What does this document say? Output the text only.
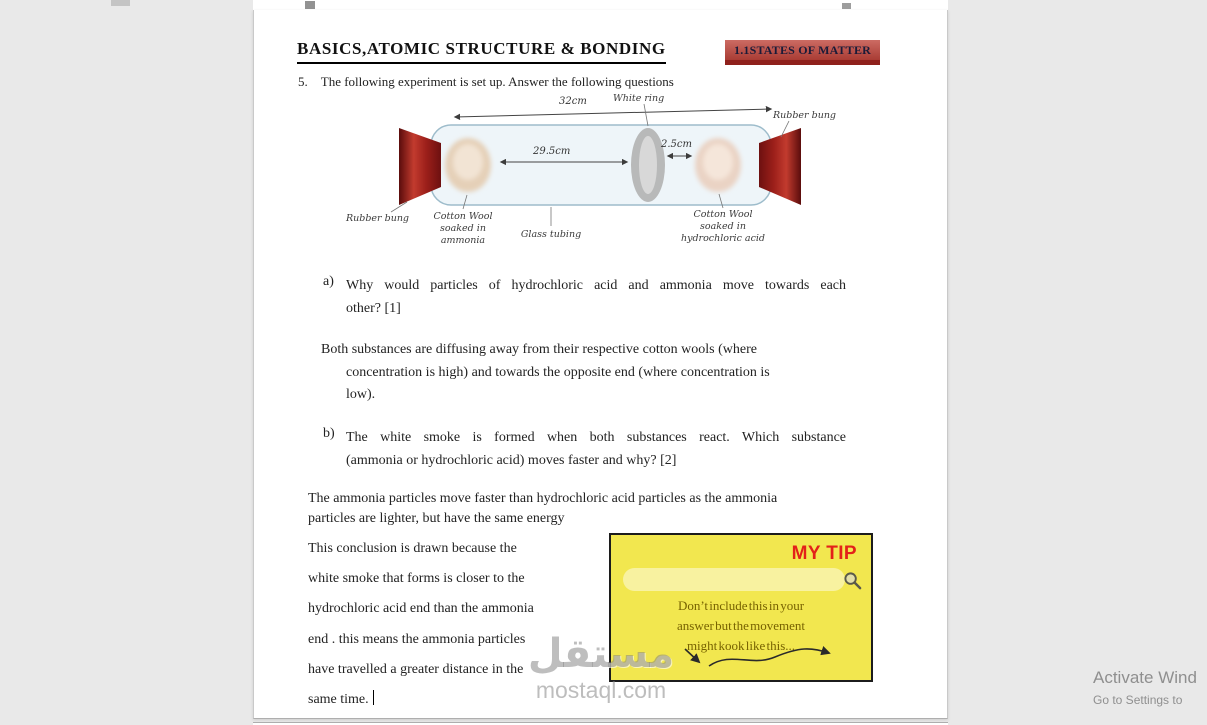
BASICS,ATOMIC STRUCTURE & BONDING	1.1STATES OF MATTER
5. The following experiment is set up. Answer the following questions
32cm	White ring
Rubber bung
29.5cm
2.5cm
Rubber bung	Cotton Wool
soaked in
ammonia
Glass tubing
Cotton Wool
soaked in
hydrochloric acid
a) Why would particles of hydrochloric acid and ammonia move towards each
other? [1]
Both substances are diffusing away from their respective cotton wools (where
concentration is high) and towards the opposite end (where concentration is
low).
b) The white smoke is formed when both substances react. Which substance
(ammonia or hydrochloric acid) moves faster and why? [2]
The ammonia particles move faster than hydrochloric acid particles as the ammonia
particles are lighter, but have the same energy
This conclusion is drawn because the
white smoke that forms is closer to the
hydrochloric acid end than the ammonia
end . this means the ammonia particles
have travelled a greater distance in the
same time.
MY TIP
Don’t include this in your
answer but the movement
might kook like this...
مستقل
mostaql.com	Activate Wind
Go to Settings to
